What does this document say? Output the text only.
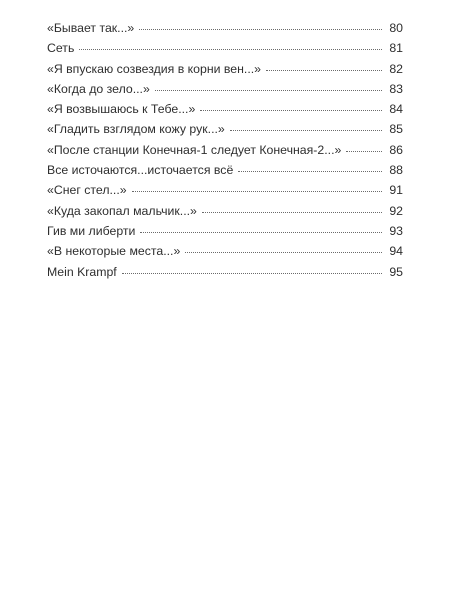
«Бывает так...»	80
Сеть	81
«Я впускаю созвездия в корни вен...»	82
«Когда до зело...»	83
«Я возвышаюсь к Тебе...»	84
«Гладить взглядом кожу рук...»	85
«После станции Конечная-1 следует Конечная-2...»	86
Все источаются...источается всё	88
«Снег стел...»	91
«Куда закопал мальчик...»	92
Гив ми либерти	93
«В некоторые места...»	94
Mein Krampf	95
